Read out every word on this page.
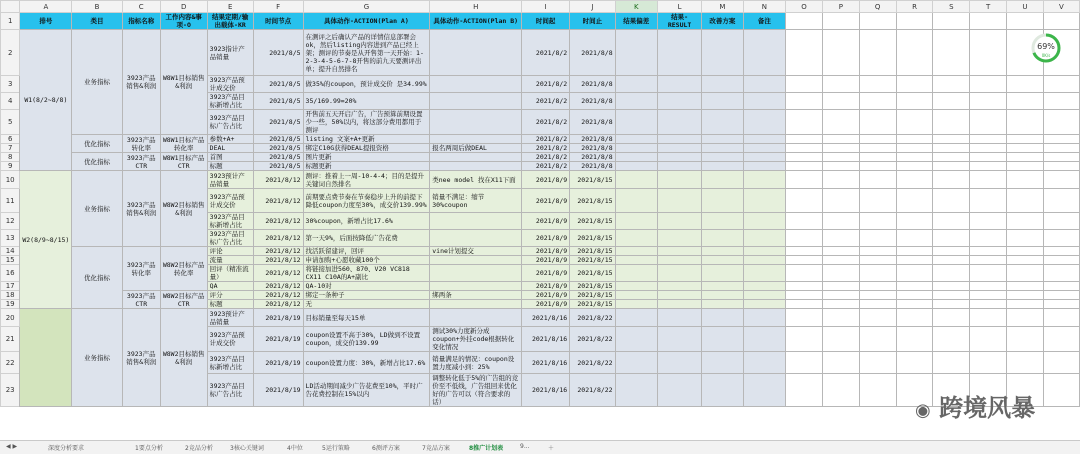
	A	B	C	D	E	F	G	H	I	J	K	L	M	N	O	P	Q	R	S	T	U	V
1	排号	类目	指标名称	工作内容&事项-O	结果定期/输出载体-KR	时间节点	具体动作-ACTION(Plan A)	具体动作-ACTION(Plan B)	时间起	时间止	结果偏差	结果-RESULT	改善方案	备注								
2	W1(8/2~8/8)	业务指标	3923产品销售&利润	W8W1目标销售&利润	3923指计产品销量	2021/8/5	在测评之后确认产品的详情信息部署会ok，然后listing内容进到产品已经上架；测评的节奏是从开售第一天开始：1-2-3-4-5-6-7-8开售的前九天要测评出单；提升自然排名		2021/8/2	2021/8/8												
3					3923产品预计成交价	2021/8/5	做35%的coupon，预计成交价 是34.99%		2021/8/2	2021/8/8												
4					3923产品目标新增占比	2021/8/5	35/169.99=20%		2021/8/2	2021/8/8												
5					3923产品目标广告占比	2021/8/5	开售前五天开启广告，广告预算前期设置少一些，50%以内，将这部分费用都用于测评		2021/8/2	2021/8/8												
6		优化指标	3923产品转化率	W8W1目标产品转化率	参数+A+	2021/8/5	listing 文案+A+更新		2021/8/2	2021/8/8												
7					DEAL	2021/8/5	绑定C10G获得DEAL提报资格	报名两周后做DEAL	2021/8/2	2021/8/8												
8		优化指标	3923产品CTR	W8W1目标产品CTR	首图	2021/8/5	图片更新		2021/8/2	2021/8/8												
9					标题	2021/8/5	标题更新		2021/8/2	2021/8/8												
10	W2(8/9~8/15)	业务指标	3923产品销售&利润	W8W2目标销售&利润	3923预计产品销量	2021/8/12	测评：推着上一周-10-4-4；目的是提升关键词自然排名	类nee model 找在X11下面	2021/8/9	2021/8/15												
11					3923产品预计成交价	2021/8/12	前期要点费节奏在节奏稳步上升的前提下降低coupon力度至30%，成交价139.99%	销量不满足：缩节30%coupon	2021/8/9	2021/8/15												
12					3923产品目标新增占比	2021/8/12	30%coupon，新增占比17.6%		2021/8/9	2021/8/15												
13					3923产品目标广告占比	2021/8/12	第一天9%，后面按降低广告花费		2021/8/9	2021/8/15												
14		优化指标	3923产品转化率	W8W2目标产品转化率	评论	2021/8/12	找活跃留建评，回评	vine计划提交	2021/8/9	2021/8/15												
15					流量	2021/8/12	申请加购+心愿收藏100个		2021/8/9	2021/8/15												
16					回评（精准流量）	2021/8/12	将链接加进560、870、V20 VC818 CX11 C10A的A+副比		2021/8/9	2021/8/15												
17					QA	2021/8/12	QA-10对		2021/8/9	2021/8/15												
18			3923产品CTR	W8W2目标产品CTR	评分	2021/8/12	绑定一条种子	绑两条	2021/8/9	2021/8/15												
19					标题	2021/8/12	无		2021/8/9	2021/8/15												
20		业务指标	3923产品销售&利润	W8W2目标销售&利润	3923预计产品销量	2021/8/19	目标销量至每天15单		2021/8/16	2021/8/22												
21					3923产品预计成交价	2021/8/19	coupon设置不高于30%，LD做到不设置coupon，成交价139.99	测试30%力度新分成coupon+外挂code根据转化变化情况	2021/8/16	2021/8/22												
22					3923产品目标新增占比	2021/8/19	coupon设置力度：30%，新增占比17.6%	销量满足的情况：coupon设置力度减小到：25%	2021/8/16	2021/8/22												
23					3923产品目标广告占比	2021/8/19	LD活动期间减少广告花费至10%，平时广告花费控制在15%以内	调整转化低于5%的广告组的竞价至不低线，广告组回来优化好的广告可以（符合要求的话）	2021/8/16	2021/8/22												
69%
0K/s
◉ 跨境风暴
◀ ▶	深度分析要求	1要点分析	2竞品分析	3核心关键词	4中位	5运行策略	6测评方案	7竞品方案	8推广计划表	9...	＋
